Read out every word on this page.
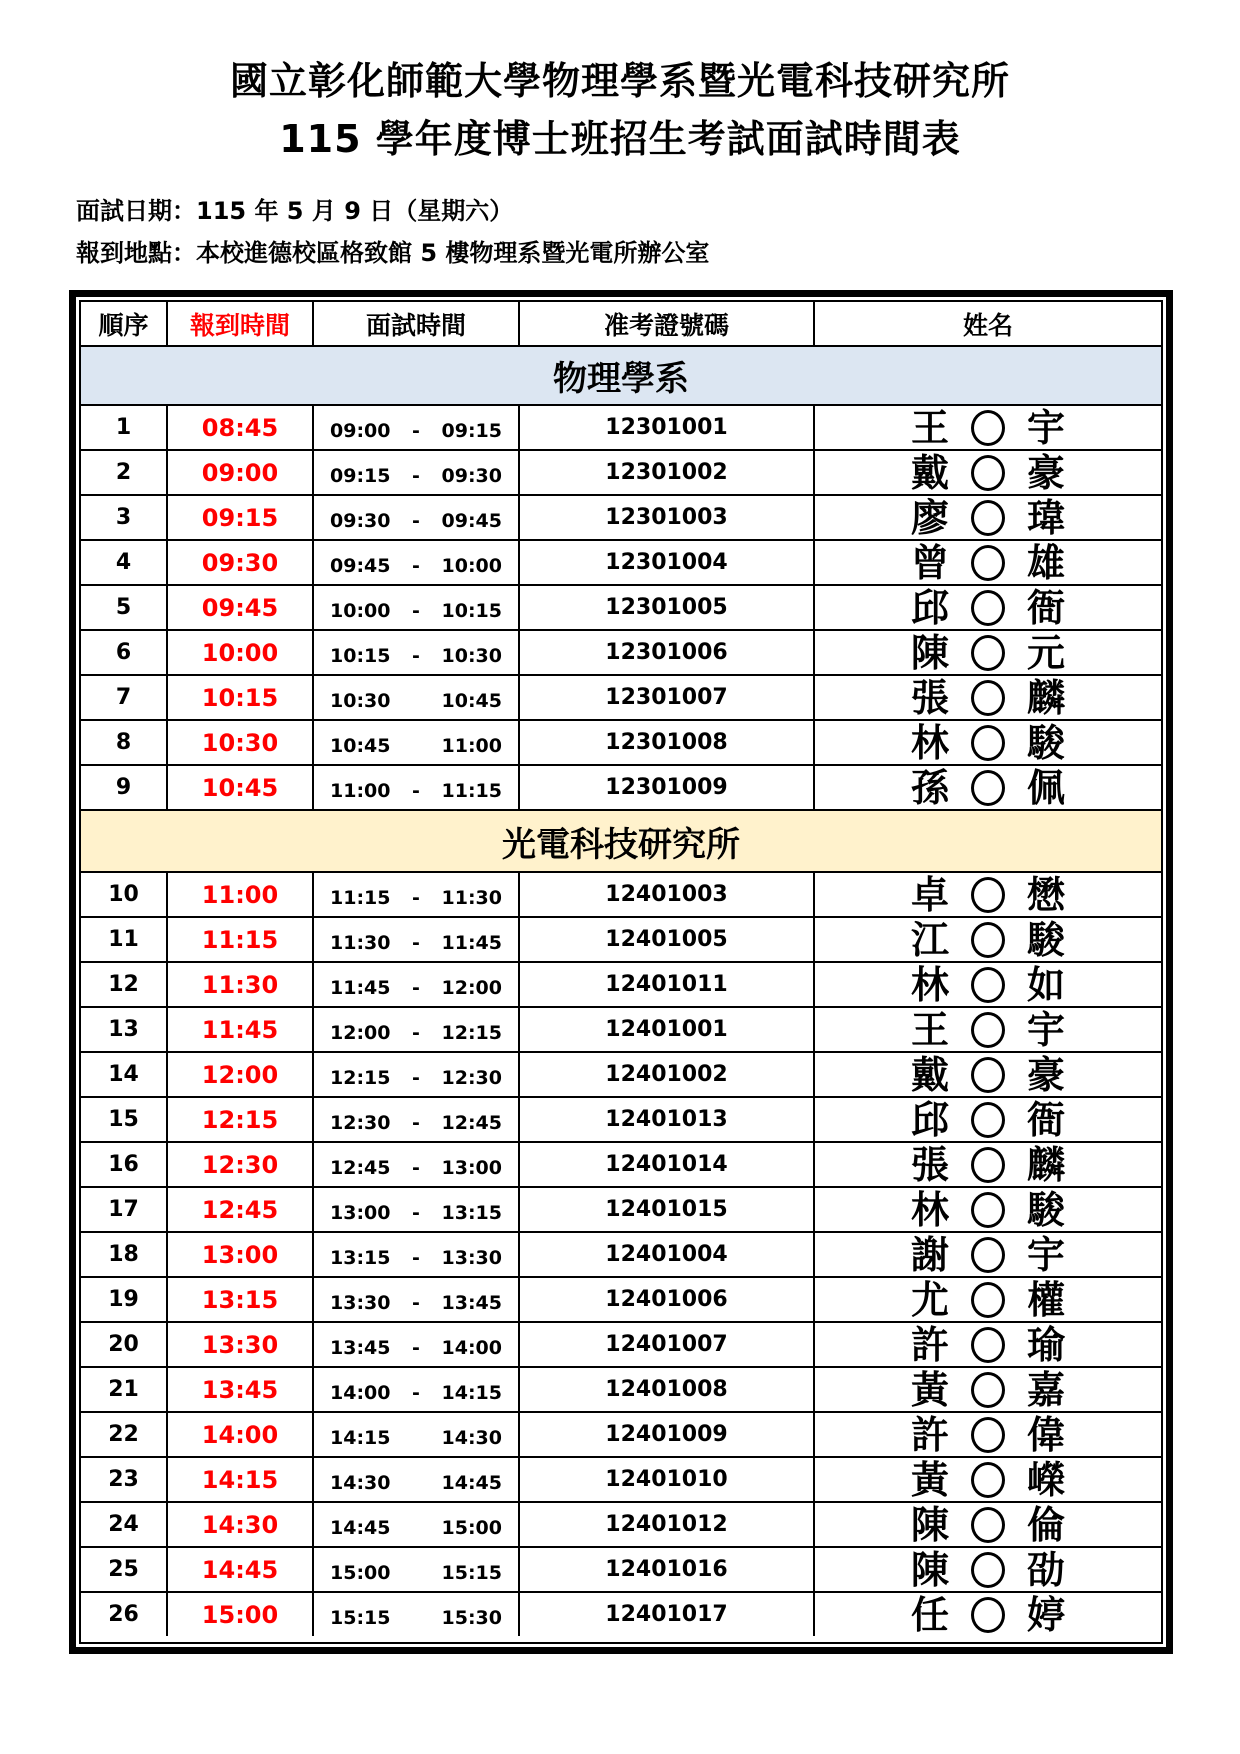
國立彰化師範大學物理學系暨光電科技研究所
115 學年度博士班招生考試面試時間表
面試日期：115 年 5 月 9 日（星期六）
報到地點：本校進德校區格致館 5 樓物理系暨光電所辦公室
順序	報到時間	面試時間	准考證號碼	姓名
物理學系				
1	08:45	09:00 - 09:15	12301001	王 宇

2	09:00	09:15 - 09:30	12301002	戴 豪

3	09:15	09:30 - 09:45	12301003	廖 瑋

4	09:30	09:45 - 10:00	12301004	曾 雄

5	09:45	10:00 - 10:15	12301005	邱 衙

6	10:00	10:15 - 10:30	12301006	陳 元

7	10:15	10:30 10:45	12301007	張 麟

8	10:30	10:45 11:00	12301008	林 駿

9	10:45	11:00 - 11:15	12301009	孫 佩

光電科技研究所				
10	11:00	11:15 - 11:30	12401003	卓 懋

11	11:15	11:30 - 11:45	12401005	江 駿

12	11:30	11:45 - 12:00	12401011	林 如

13	11:45	12:00 - 12:15	12401001	王 宇

14	12:00	12:15 - 12:30	12401002	戴 豪

15	12:15	12:30 - 12:45	12401013	邱 衙

16	12:30	12:45 - 13:00	12401014	張 麟

17	12:45	13:00 - 13:15	12401015	林 駿

18	13:00	13:15 - 13:30	12401004	謝 宇

19	13:15	13:30 - 13:45	12401006	尤 權

20	13:30	13:45 - 14:00	12401007	許 瑜

21	13:45	14:00 - 14:15	12401008	黃 嘉

22	14:00	14:15 14:30	12401009	許 偉

23	14:15	14:30 14:45	12401010	黃 嶸

24	14:30	14:45 15:00	12401012	陳 倫

25	14:45	15:00 15:15	12401016	陳 劭

26	15:00	15:15 15:30	12401017	任 婷
